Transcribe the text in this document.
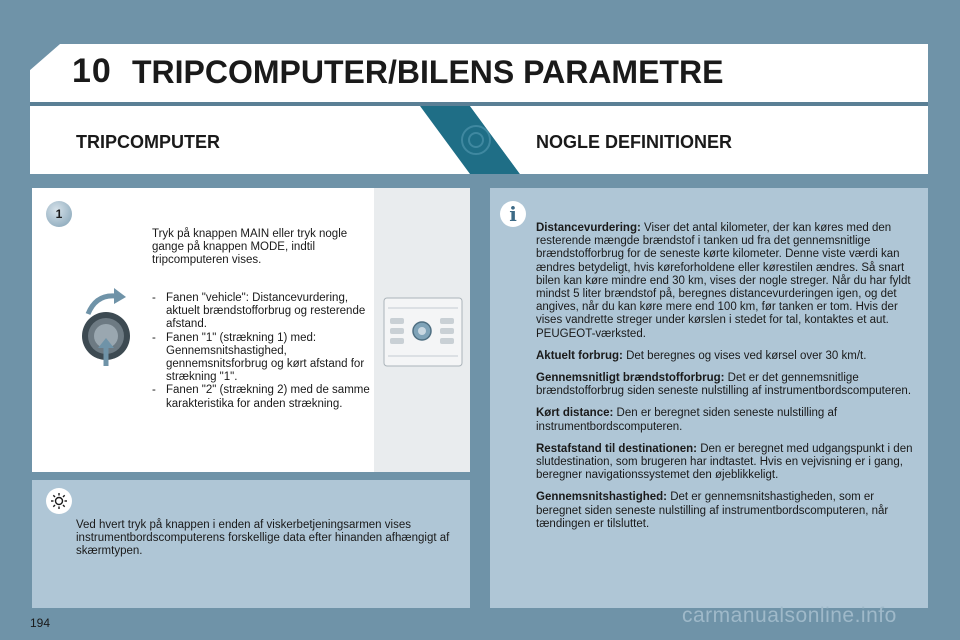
10 TRIPCOMPUTER/BILENS PARAMETRE
TRIPCOMPUTER	NOGLE DEFINITIONER
1
Tryk på knappen MAIN eller tryk nogle gange på knappen MODE, indtil tripcomputeren vises.
- Fanen "vehicle": Distancevurdering, aktuelt brændstofforbrug og resterende afstand.
- Fanen "1" (strækning 1) med: Gennemsnitshastighed, gennemsnitsforbrug og kørt afstand for strækning "1".
- Fanen "2" (strækning 2) med de samme karakteristika for anden strækning.
Ved hvert tryk på knappen i enden af viskerbetjeningsarmen vises instrumentbordscomputerens forskellige data efter hinanden afhængigt af skærmtypen.
i

Distancevurdering: Viser det antal kilometer, der kan køres med den resterende mængde brændstof i tanken ud fra det gennemsnitlige brændstofforbrug for de seneste kørte kilometer. Denne viste værdi kan ændres betydeligt, hvis køreforholdene eller kørestilen ændres. Så snart bilen kan køre mindre end 30 km, vises der nogle streger. Når du har fyldt mindst 5 liter brændstof på, beregnes distancevurderingen igen, og det angives, når du kan køre mere end 100 km, før tanken er tom. Hvis der vises vandrette streger under kørslen i stedet for tal, kontaktes et aut. PEUGEOT-værksted.

Aktuelt forbrug: Det beregnes og vises ved kørsel over 30 km/t.

Gennemsnitligt brændstofforbrug: Det er det gennemsnitlige brændstofforbrug siden seneste nulstilling af instrumentbordscomputeren.

Kørt distance: Den er beregnet siden seneste nulstilling af instrumentbordscomputeren.

Restafstand til destinationen: Den er beregnet med udgangspunkt i den slutdestination, som brugeren har indtastet. Hvis en vejvisning er i gang, beregner navigationssystemet den øjeblikkeligt.

Gennemsnitshastighed: Det er gennemsnitshastigheden, som er beregnet siden seneste nulstilling af instrumentbordscomputeren, når tændingen er tilsluttet.

194	carmanualsonline.info
